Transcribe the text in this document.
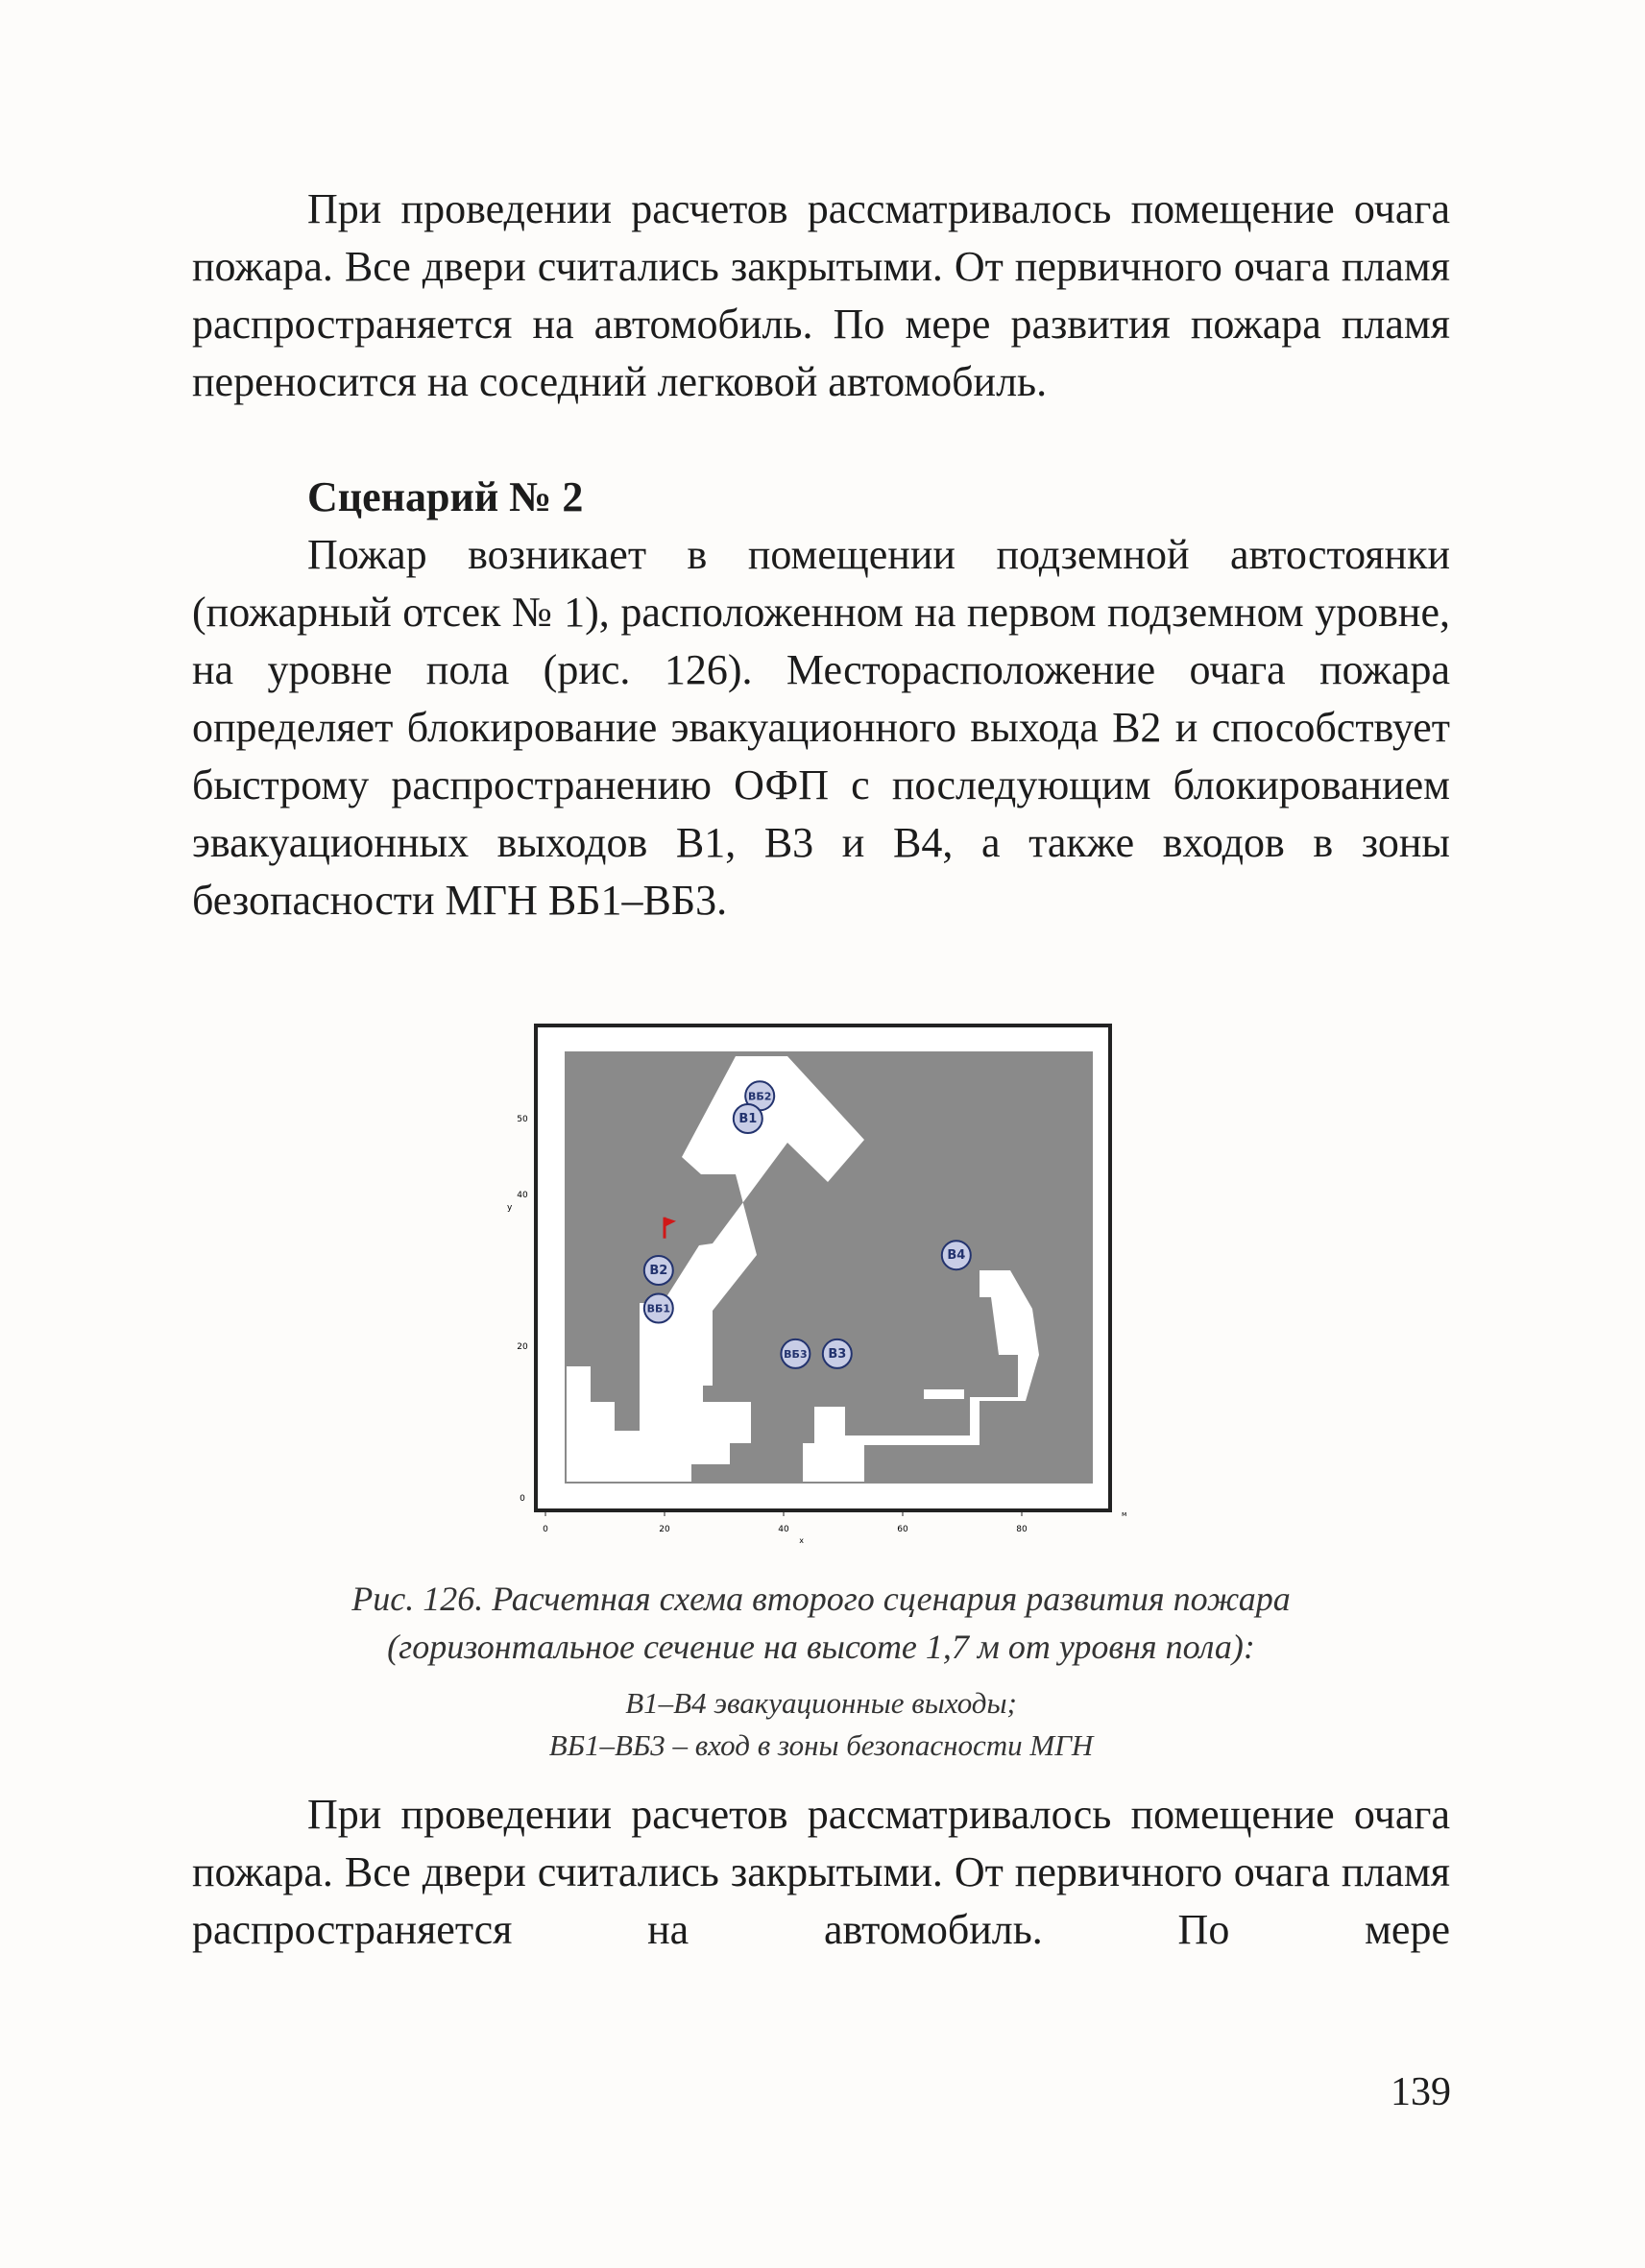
При проведении расчетов рассматривалось помещение очага пожара. Все двери считались закрытыми. От первичного очага пламя распространяется на автомобиль. По мере развития пожара пламя переносится на соседний легковой автомобиль.

Сценарий № 2

Пожар возникает в помещении подземной автостоянки (пожарный отсек № 1), расположенном на первом подземном уровне, на уровне пола (рис. 126). Месторасположение очага пожара определяет блокирование эвакуационного выхода В2 и способствует быстрому распространению ОФП с последующим блокированием эвакуационных выходов В1, В3 и В4, а также входов в зоны безопасности МГН ВБ1–ВБ3.

0	20	40	60	80
0
20
40
50
x
y
м
ВБ2
В1
В2
ВБ1
В4
ВБ3 В3
Рис. 126. Расчетная схема второго сценария развития пожара
(горизонтальное сечение на высоте 1,7 м от уровня пола):
В1–В4 эвакуационные выходы;
ВБ1–ВБ3 – вход в зоны безопасности МГН

При проведении расчетов рассматривалось помещение очага пожара. Все двери считались закрытыми. От первичного очага пламя распространяется на автомобиль. По мере

139
